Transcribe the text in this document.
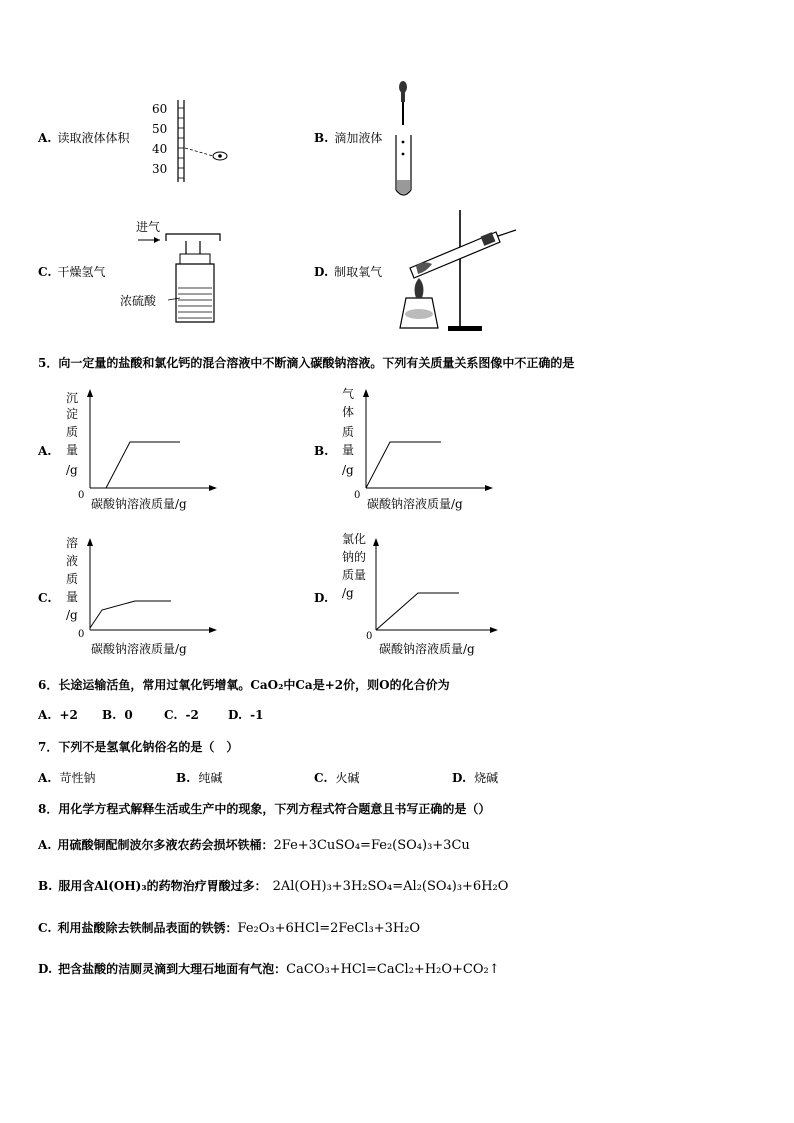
A. 读取液体体积	B. 滴加液体
C. 干燥氢气	D. 制取氧气
60
50
40
30
进气
浓硫酸
5．向一定量的盐酸和氯化钙的混合溶液中不断滴入碳酸钠溶液。下列有关质量关系图像中不正确的是
A.
沉
淀
质
量
/g
0
碳酸钠溶液质量/g
B.
气
体
质
量
/g
0
碳酸钠溶液质量/g
C.
溶
液
质
量
/g
0
碳酸钠溶液质量/g
D.
氯化
钠的
质量
/g
0
碳酸钠溶液质量/g
6．长途运输活鱼，常用过氧化钙增氧。CaO₂中Ca是+2价，则O的化合价为
A. +2 B. 0	C. -2 D. -1
7．下列不是氢氧化钠俗名的是（　）
A. 苛性钠	B. 纯碱	C. 火碱	D. 烧碱
8．用化学方程式解释生活或生产中的现象，下列方程式符合题意且书写正确的是（）
A. 用硫酸铜配制波尔多液农药会损坏铁桶：2Fe+3CuSO₄=Fe₂(SO₄)₃+3Cu
B. 服用含Al(OH)₃的药物治疗胃酸过多： 2Al(OH)₃+3H₂SO₄=Al₂(SO₄)₃+6H₂O
C. 利用盐酸除去铁制品表面的铁锈：Fe₂O₃+6HCl=2FeCl₃+3H₂O
D. 把含盐酸的洁厕灵滴到大理石地面有气泡：CaCO₃+HCl=CaCl₂+H₂O+CO₂↑
